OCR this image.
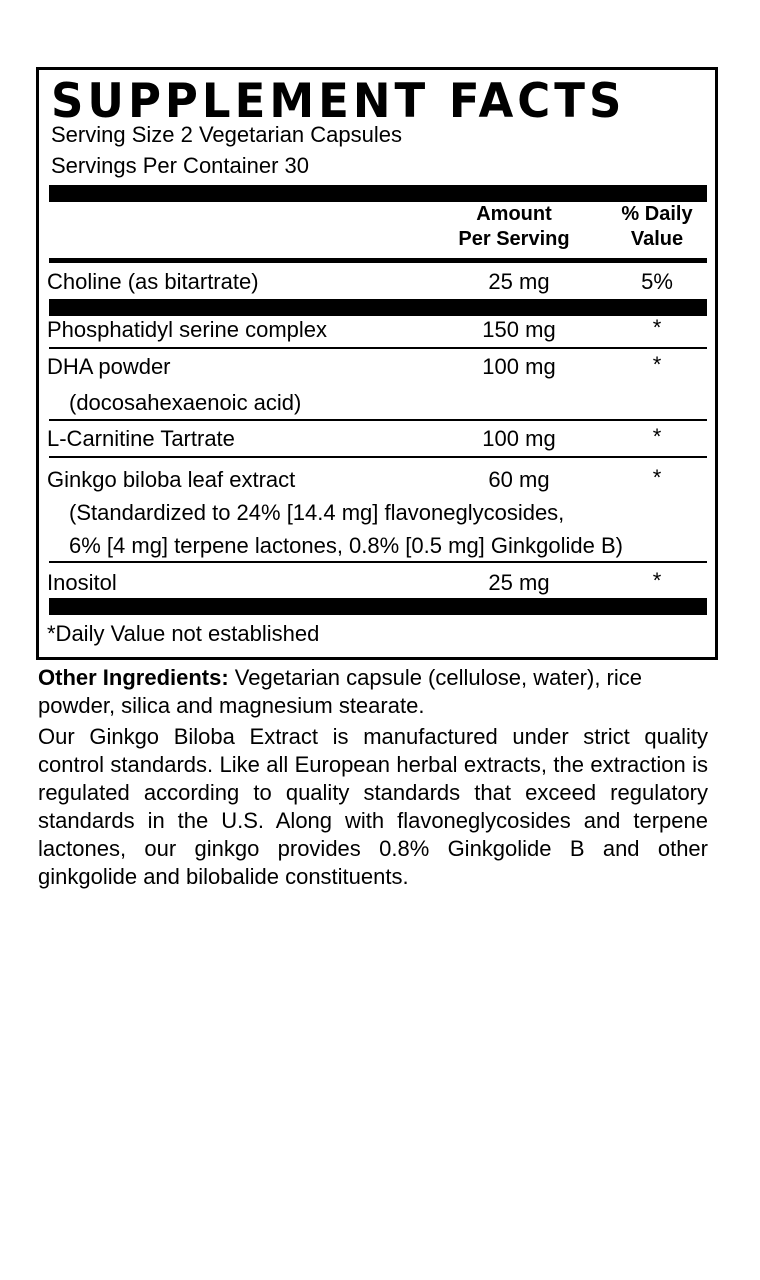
SUPPLEMENT FACTS
Serving Size 2 Vegetarian Capsules
Servings Per Container 30
Amount
Per Serving
% Daily
Value
Choline (as bitartrate)	25 mg	5%
Phosphatidyl serine complex	150 mg	*
DHA powder	100 mg	*
(docosahexaenoic acid)
L-Carnitine Tartrate	100 mg	*
Ginkgo biloba leaf extract	60 mg	*
(Standardized to 24% [14.4 mg] flavoneglycosides,
6% [4 mg] terpene lactones, 0.8% [0.5 mg] Ginkgolide B)
Inositol	25 mg	*
*Daily Value not established

Other Ingredients: Vegetarian capsule (cellulose, water), rice powder, silica and magnesium stearate.

Our Ginkgo Biloba Extract is manufactured under strict quality control standards. Like all European herbal extracts, the extraction is regulated according to quality standards that exceed regulatory standards in the U.S. Along with flavoneglycosides and terpene lactones, our ginkgo provides 0.8% Ginkgolide B and other ginkgolide and bilobalide constituents.
